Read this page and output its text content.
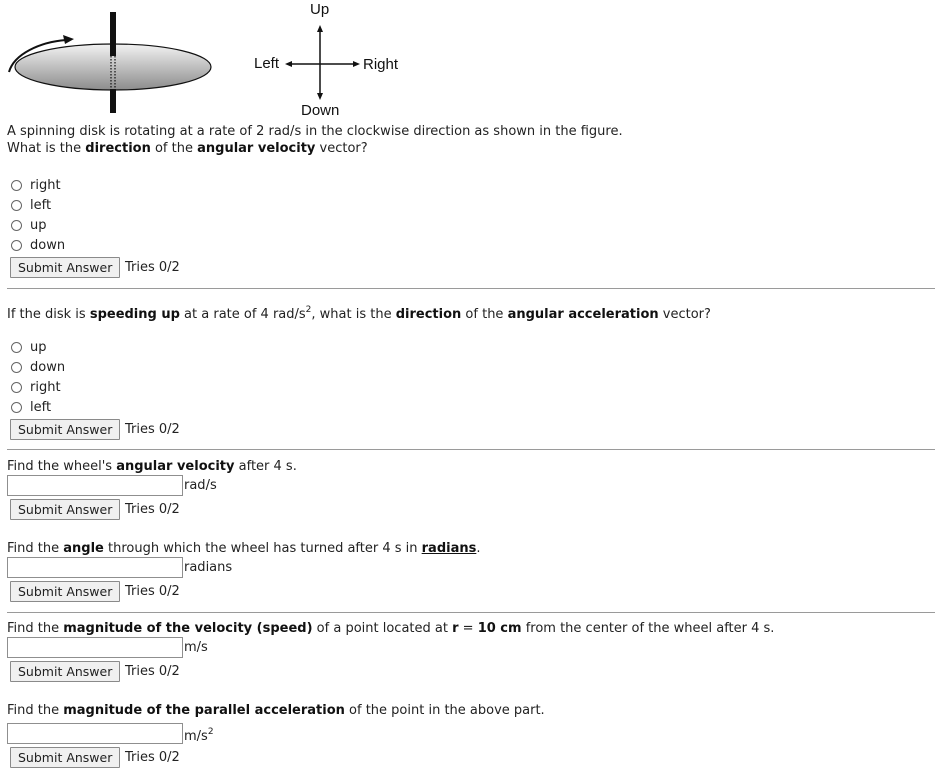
Up
Down
Left	Right
A spinning disk is rotating at a rate of 2 rad/s in the clockwise direction as shown in the figure.
What is the direction of the angular velocity vector?
right
left
up
down
Submit Answer Tries 0/2
If the disk is speeding up at a rate of 4 rad/$s^2$, what is the direction of the angular acceleration vector?
up
down
right
left
Submit Answer Tries 0/2
Find the wheel's angular velocity after 4 s.
rad/s
Submit Answer Tries 0/2
Find the angle through which the wheel has turned after 4 s in radians.
radians
Submit Answer Tries 0/2
Find the magnitude of the velocity (speed) of a point located at r = 10 cm from the center of the wheel after 4 s.
m/s
Submit Answer Tries 0/2
Find the magnitude of the parallel acceleration of the point in the above part.
$m/s^2$
Submit Answer Tries 0/2
